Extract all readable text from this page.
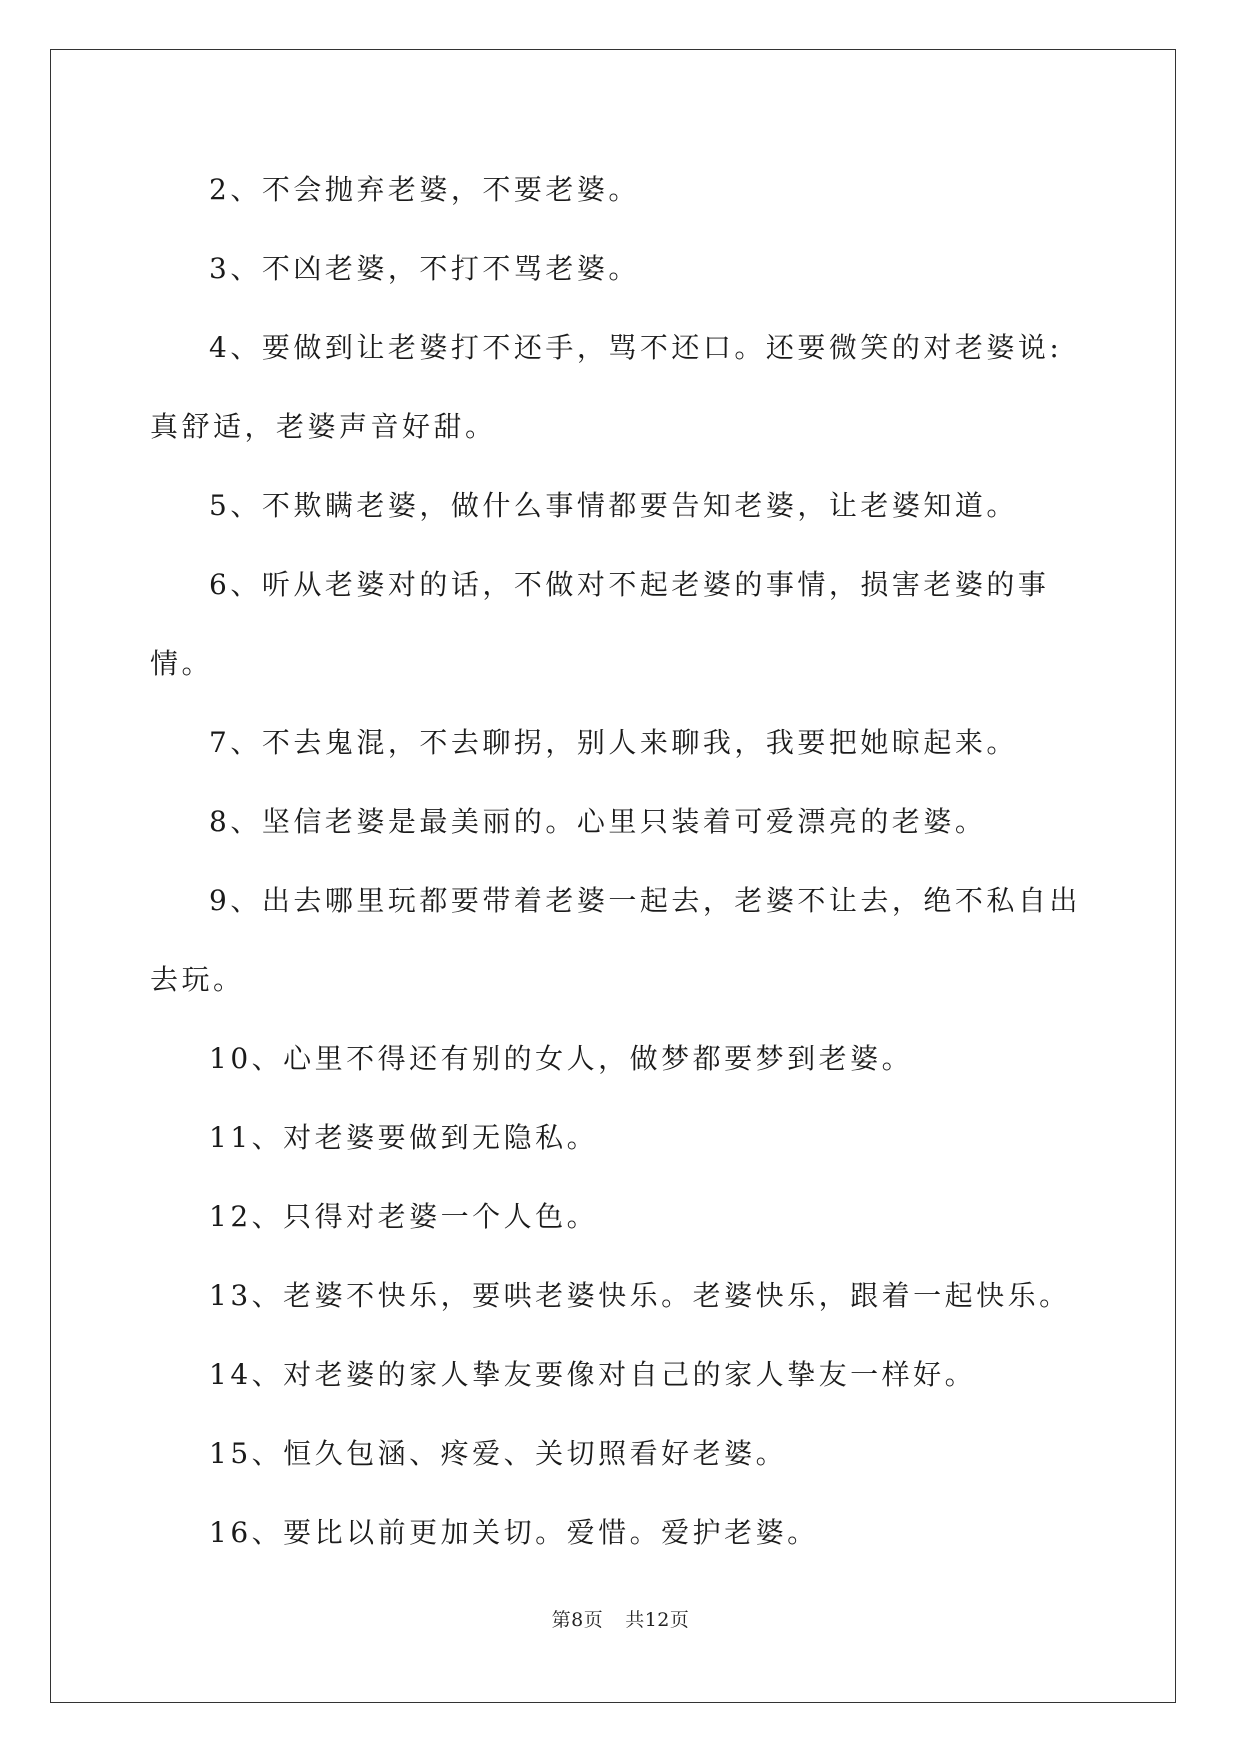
2、不会抛弃老婆，不要老婆。

3、不凶老婆，不打不骂老婆。

4、要做到让老婆打不还手，骂不还口。还要微笑的对老婆说: 真舒适，老婆声音好甜。

5、不欺瞒老婆，做什么事情都要告知老婆，让老婆知道。

6、听从老婆对的话，不做对不起老婆的事情，损害老婆的事情。

7、不去鬼混，不去聊拐，别人来聊我，我要把她晾起来。

8、坚信老婆是最美丽的。心里只装着可爱漂亮的老婆。

9、出去哪里玩都要带着老婆一起去，老婆不让去，绝不私自出去玩。

10、心里不得还有别的女人，做梦都要梦到老婆。

11、对老婆要做到无隐私。

12、只得对老婆一个人色。

13、老婆不快乐，要哄老婆快乐。老婆快乐，跟着一起快乐。

14、对老婆的家人挚友要像对自己的家人挚友一样好。

15、恒久包涵、疼爱、关切照看好老婆。

16、要比以前更加关切。爱惜。爱护老婆。

第8页 共12页
